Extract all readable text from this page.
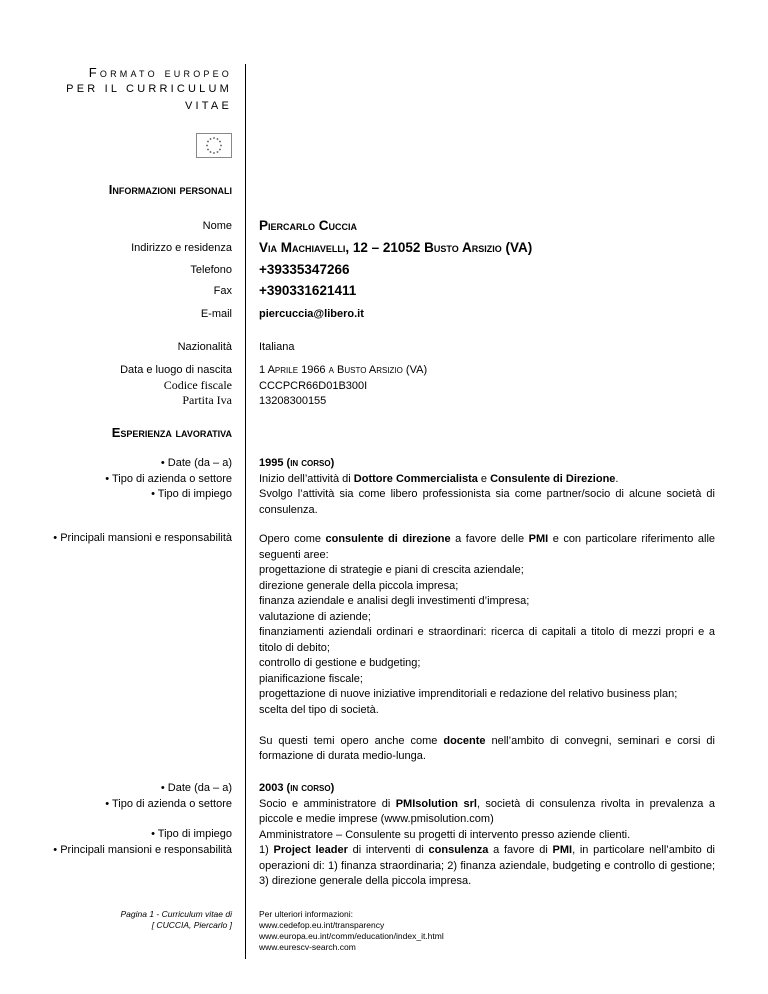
Formato europeo
PER IL CURRICULUM
VITAE
Informazioni personali
Nome Piercarlo Cuccia
Indirizzo e residenza Via Machiavelli, 12 – 21052 Busto Arsizio (VA)
Telefono +39335347266
Fax +390331621411
E-mail piercuccia@libero.it
Nazionalità Italiana
Data e luogo di nascita 1 Aprile 1966 a Busto Arsizio (VA)
Codice fiscale CCCPCR66D01B300I
Partita Iva 13208300155
Esperienza lavorativa
• Date (da – a)
• Tipo di azienda o settore
• Tipo di impiego
• Principali mansioni e responsabilità
1995 (in corso)
Inizio dell’attività di Dottore Commercialista e Consulente di Direzione.

Svolgo l’attività sia come libero professionista sia come partner/socio di alcune società di consulenza.

Opero come consulente di direzione a favore delle PMI e con particolare riferimento alle seguenti aree:

progettazione di strategie e piani di crescita aziendale;
direzione generale della piccola impresa;
finanza aziendale e analisi degli investimenti d’impresa;
valutazione di aziende;
finanziamenti aziendali ordinari e straordinari: ricerca di capitali a titolo di mezzi propri e a titolo di debito;
controllo di gestione e budgeting;
pianificazione fiscale;
progettazione di nuove iniziative imprenditoriali e redazione del relativo business plan;
scelta del tipo di società.

Su questi temi opero anche come docente nell’ambito di convegni, seminari e corsi di formazione di durata medio-lunga.

• Date (da – a)
• Tipo di azienda o settore
• Tipo di impiego
• Principali mansioni e responsabilità
2003 (in corso)

Socio e amministratore di PMIsolution srl, società di consulenza rivolta in prevalenza a piccole e medie imprese (www.pmisolution.com)

Amministratore – Consulente su progetti di intervento presso aziende clienti.

1) Project leader di interventi di consulenza a favore di PMI, in particolare nell’ambito di operazioni di: 1) finanza straordinaria; 2) finanza aziendale, budgeting e controllo di gestione; 3) direzione generale della piccola impresa.

Pagina 1 - Curriculum vitae di
[ CUCCIA, Piercarlo ]
Per ulteriori informazioni:
www.cedefop.eu.int/transparency
www.europa.eu.int/comm/education/index_it.html
www.eurescv-search.com
